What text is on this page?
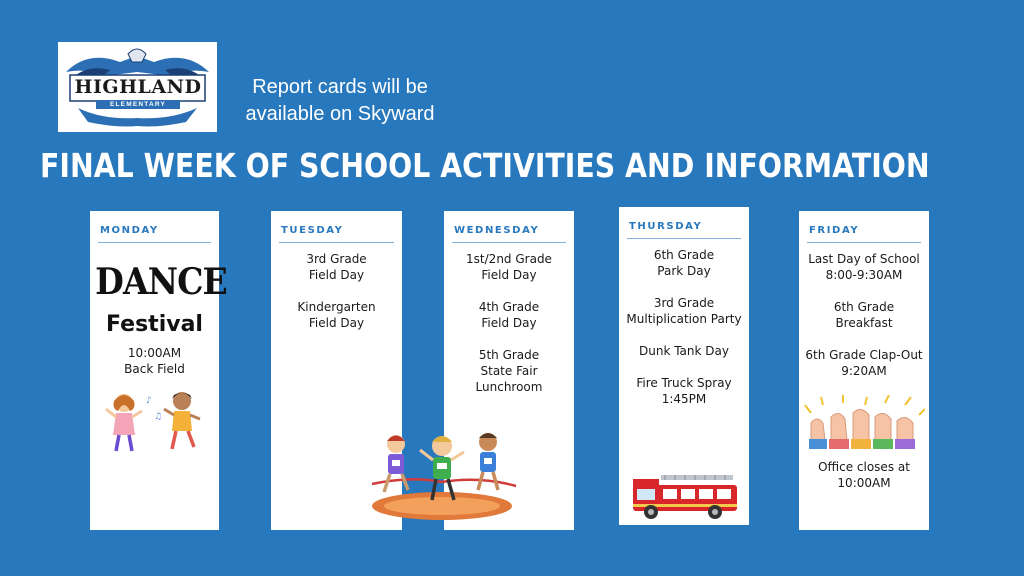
HIGHLAND
ELEMENTARY
Report cards will be
available on Skyward
FINAL WEEK OF SCHOOL ACTIVITIES AND INFORMATION
MONDAY
DANCE
Festival
10:00AM
Back Field
♪
♫
TUESDAY
3rd Grade
Field Day
Kindergarten
Field Day
WEDNESDAY
1st/2nd Grade
Field Day
4th Grade
Field Day
5th Grade
State Fair
Lunchroom
THURSDAY
6th Grade
Park Day
3rd Grade
Multiplication Party
Dunk Tank Day
Fire Truck Spray
1:45PM
FRIDAY
Last Day of School
8:00-9:30AM
6th Grade
Breakfast
6th Grade Clap-Out
9:20AM
Office closes at
10:00AM
